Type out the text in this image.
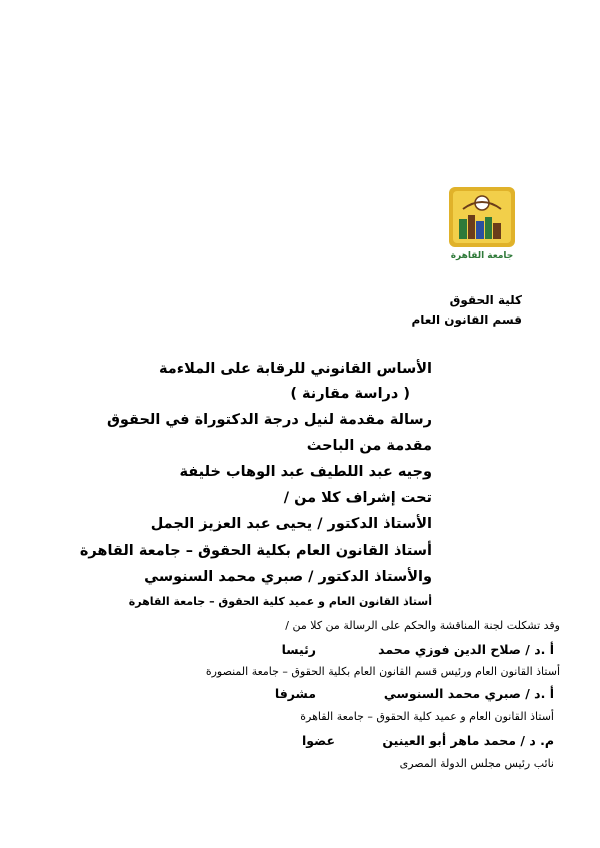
جامعة القاهرة
كلية الحقوق
قسم القانون العام
الأساس القانوني للرقابة على الملاءمة
( دراسة مقارنة )
رسالة مقدمة لنيل درجة الدكتوراة في الحقوق
مقدمة من الباحث
وجيه عبد اللطيف عبد الوهاب خليفة
تحت إشراف كلا من /
الأستاذ الدكتور / يحيى عبد العزيز الجمل
أستاذ القانون العام بكلية الحقوق – جامعة القاهرة
والأستاذ الدكتور / صبري محمد السنوسي
أستاذ القانون العام و عميد كلية الحقوق – جامعة القاهرة
وقد تشكلت لجنة المناقشة والحكم على الرسالة من كلا من /
أ .د / صلاح الدين فوزي محمد
رئيسا
أستاذ القانون العام ورئيس قسم القانون العام بكلية الحقوق – جامعة المنصورة
أ .د / صبري محمد السنوسي
مشرفا
أستاذ القانون العام و عميد كلية الحقوق – جامعة القاهرة
م. د / محمد ماهر أبو العينين
عضوا
نائب رئيس مجلس الدولة المصرى
